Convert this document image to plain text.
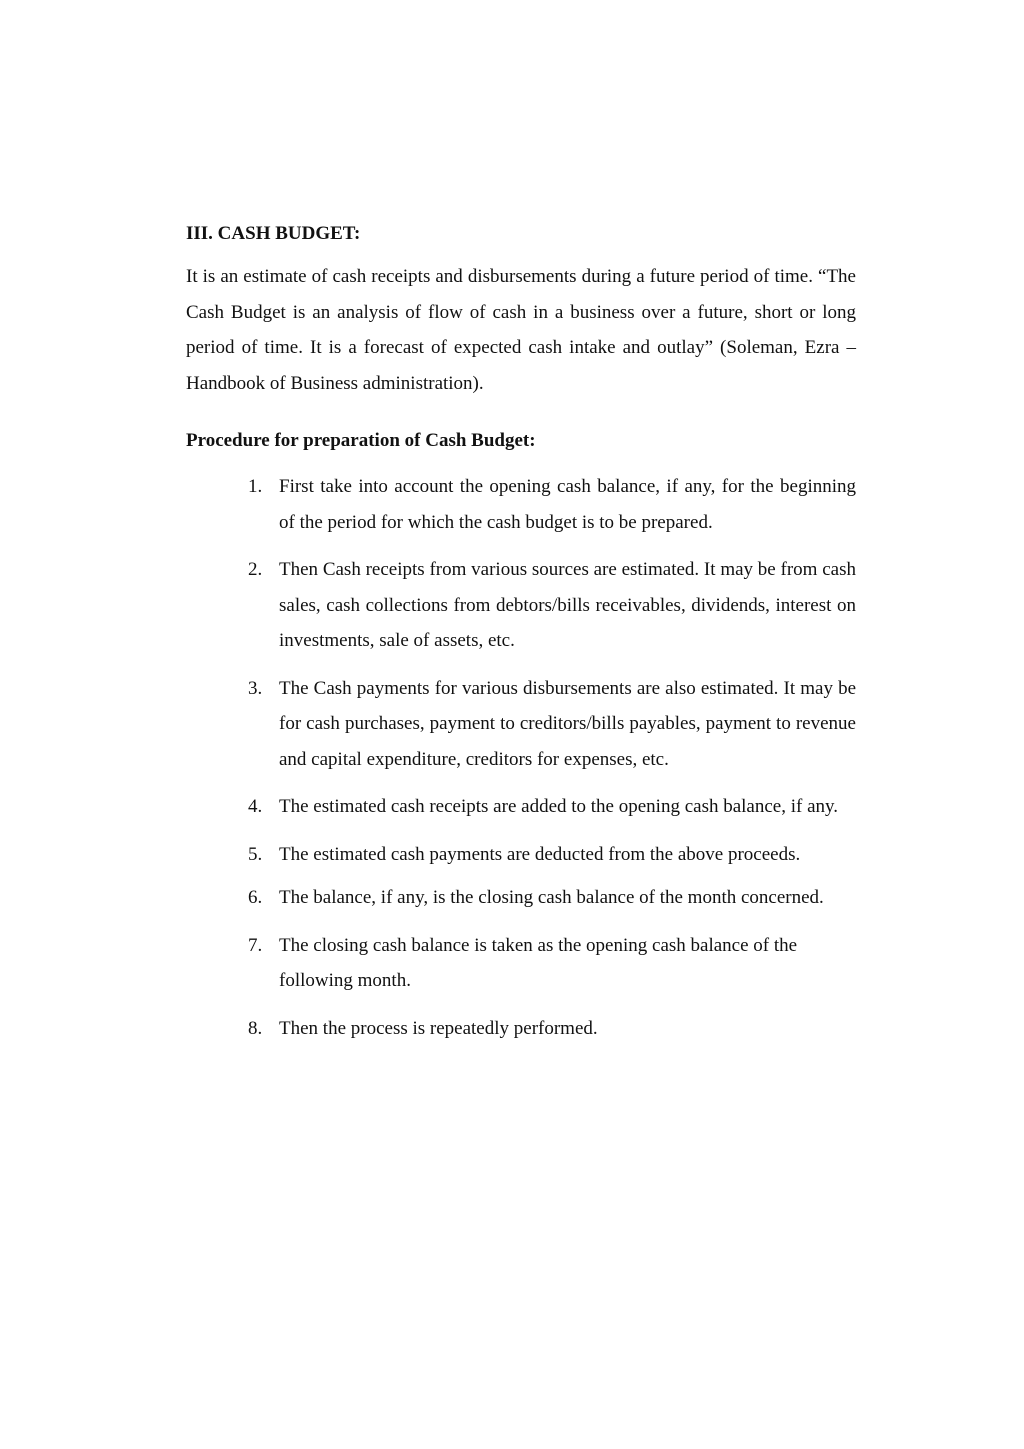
III. CASH BUDGET:

It is an estimate of cash receipts and disbursements during a future period of time. “The Cash Budget is an analysis of flow of cash in a business over a future, short or long period of time. It is a forecast of expected cash intake and outlay” (Soleman, Ezra – Handbook of Business administration).

Procedure for preparation of Cash Budget:
1. First take into account the opening cash balance, if any, for the beginning of the period for which the cash budget is to be prepared.
2. Then Cash receipts from various sources are estimated. It may be from cash sales, cash collections from debtors/bills receivables, dividends, interest on investments, sale of assets, etc.
3. The Cash payments for various disbursements are also estimated. It may be for cash purchases, payment to creditors/bills payables, payment to revenue and capital expenditure, creditors for expenses, etc.
4. The estimated cash receipts are added to the opening cash balance, if any.
5. The estimated cash payments are deducted from the above proceeds.
6. The balance, if any, is the closing cash balance of the month concerned.
7. The closing cash balance is taken as the opening cash balance of the following month.
8. Then the process is repeatedly performed.
